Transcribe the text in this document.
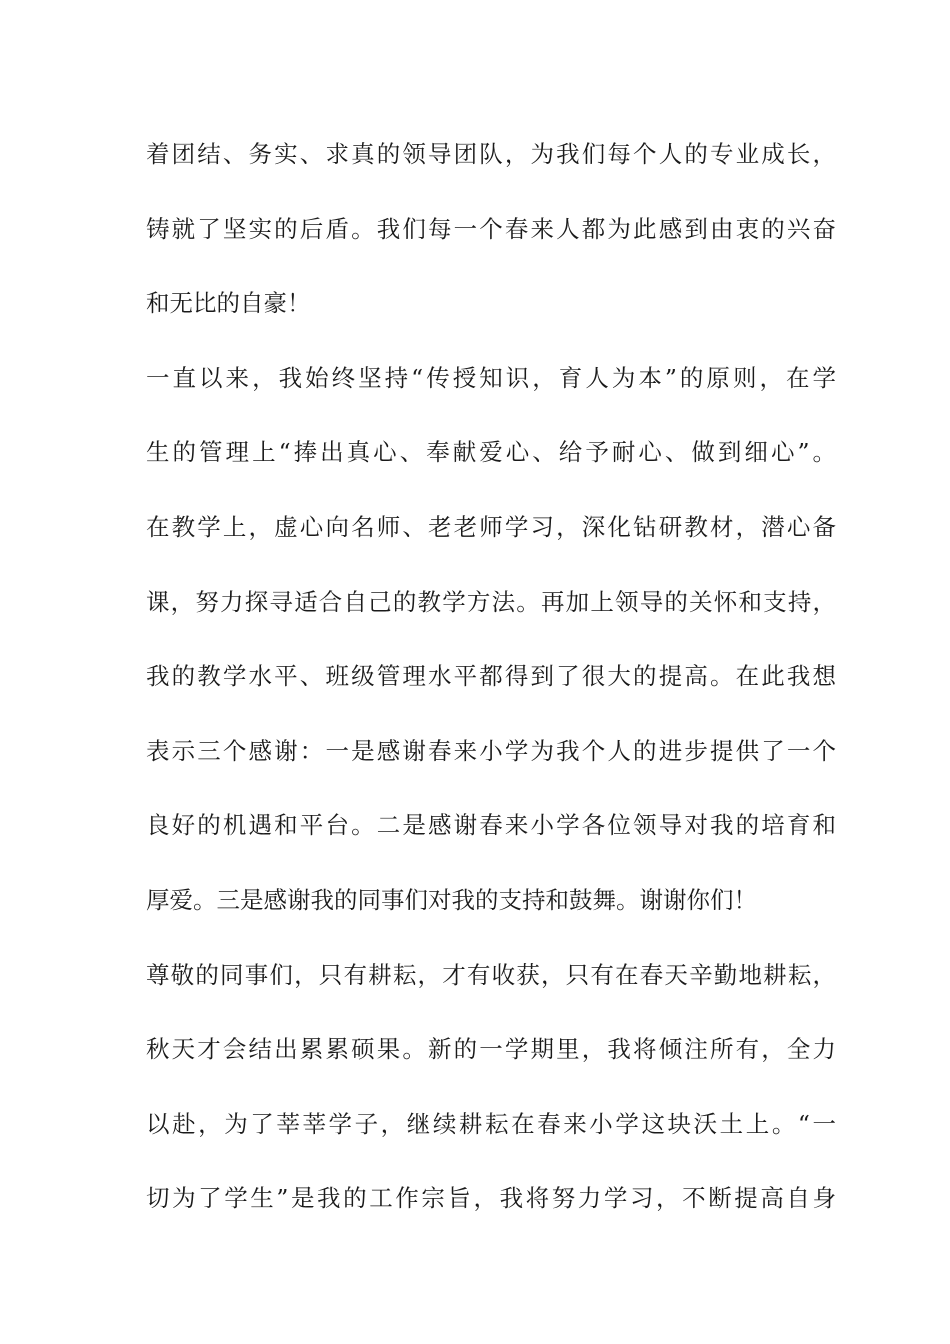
着团结、务实、求真的领导团队，为我们每个人的专业成长，
铸就了坚实的后盾。我们每一个春来人都为此感到由衷的兴奋
和无比的自豪！
一直以来，我始终坚持“传授知识，育人为本”的原则，在学
生的管理上“捧出真心、奉献爱心、给予耐心、做到细心”。
在教学上，虚心向名师、老老师学习，深化钻研教材，潜心备
课，努力探寻适合自己的教学方法。再加上领导的关怀和支持，
我的教学水平、班级管理水平都得到了很大的提高。在此我想
表示三个感谢：一是感谢春来小学为我个人的进步提供了一个
良好的机遇和平台。二是感谢春来小学各位领导对我的培育和
厚爱。三是感谢我的同事们对我的支持和鼓舞。谢谢你们！
尊敬的同事们，只有耕耘，才有收获，只有在春天辛勤地耕耘，
秋天才会结出累累硕果。新的一学期里，我将倾注所有，全力
以赴，为了莘莘学子，继续耕耘在春来小学这块沃土上。“一
切为了学生”是我的工作宗旨，我将努力学习，不断提高自身
